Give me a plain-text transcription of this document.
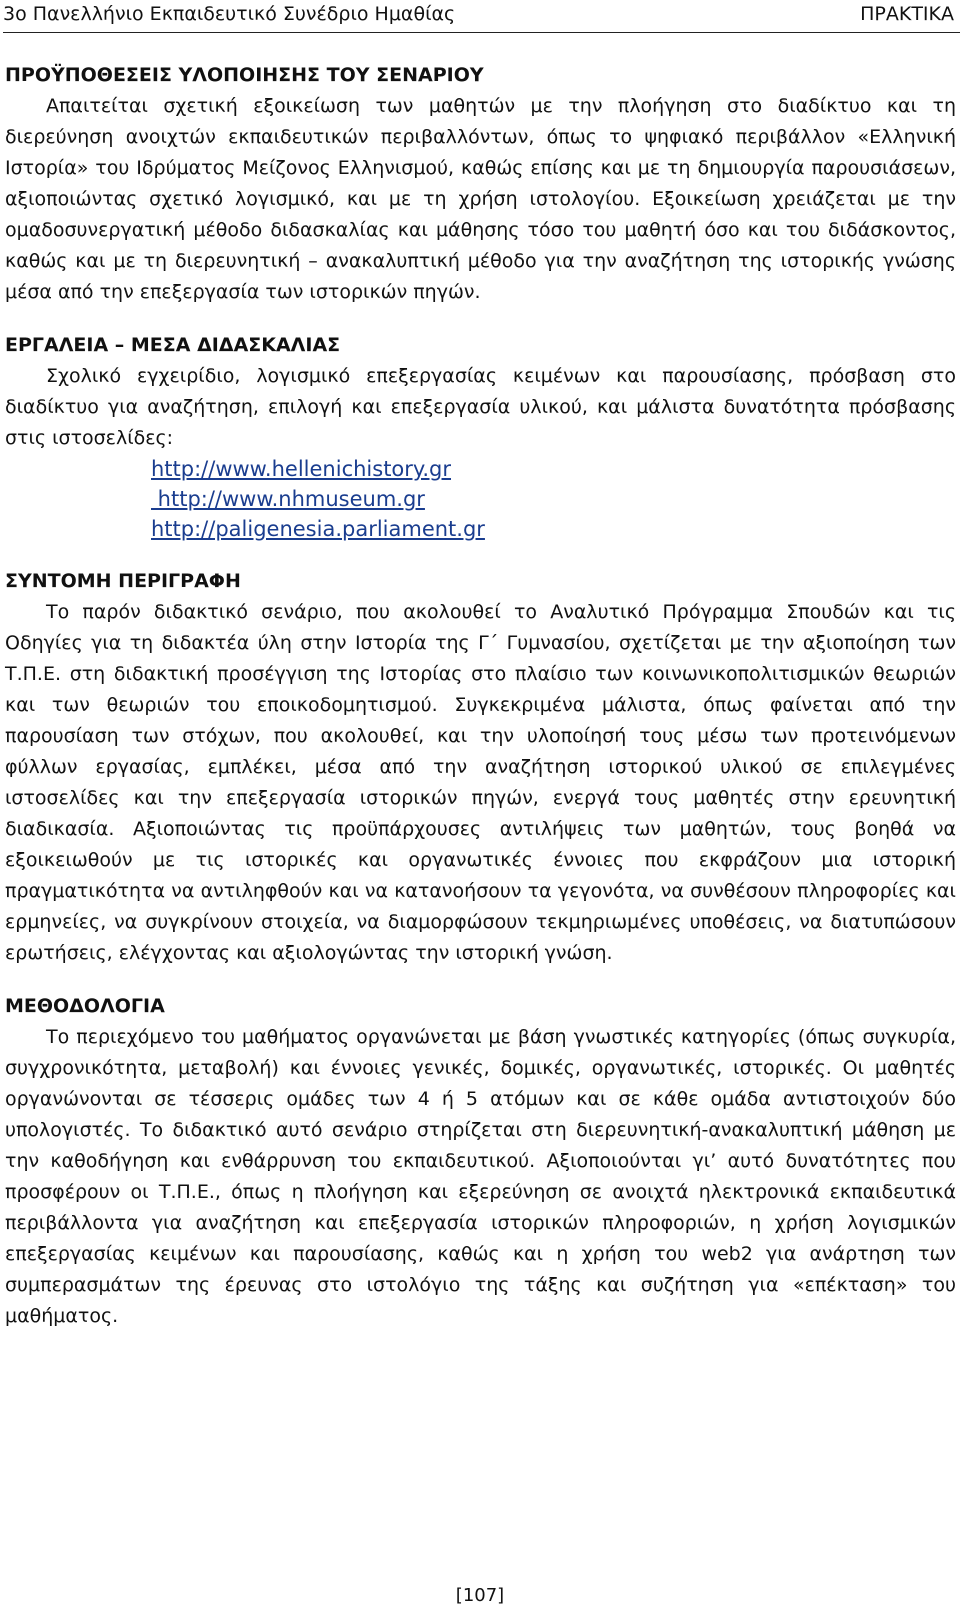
3ο Πανελλήνιο Εκπαιδευτικό Συνέδριο Ημαθίας	ΠΡΑΚΤΙΚΑ

ΠΡΟΫΠΟΘΕΣΕΙΣ ΥΛΟΠΟΙΗΣΗΣ ΤΟΥ ΣΕΝΑΡΙΟΥ

Απαιτείται σχετική εξοικείωση των μαθητών με την πλοήγηση στο διαδίκτυο και τη διερεύνηση ανοιχτών εκπαιδευτικών περιβαλλόντων, όπως το ψηφιακό περιβάλλον «Ελληνική Ιστορία» του Ιδρύματος Μείζονος Ελληνισμού, καθώς επίσης και με τη δημιουργία παρουσιάσεων, αξιοποιώντας σχετικό λογισμικό, και με τη χρήση ιστολογίου. Εξοικείωση χρειάζεται με την ομαδοσυνεργατική μέθοδο διδασκαλίας και μάθησης τόσο του μαθητή όσο και του διδάσκοντος, καθώς και με τη διερευνητική – ανακαλυπτική μέθοδο για την αναζήτηση της ιστορικής γνώσης μέσα από την επεξεργασία των ιστορικών πηγών.

ΕΡΓΑΛΕΙΑ – ΜΕΣΑ ΔΙΔΑΣΚΑΛΙΑΣ

Σχολικό εγχειρίδιο, λογισμικό επεξεργασίας κειμένων και παρουσίασης, πρόσβαση στο διαδίκτυο για αναζήτηση, επιλογή και επεξεργασία υλικού, και μάλιστα δυνατότητα πρόσβασης στις ιστοσελίδες:

http://www.hellenichistory.gr
http://www.nhmuseum.gr
http://paligenesia.parliament.gr

ΣΥΝΤΟΜΗ ΠΕΡΙΓΡΑΦΗ

Το παρόν διδακτικό σενάριο, που ακολουθεί το Αναλυτικό Πρόγραμμα Σπουδών και τις Οδηγίες για τη διδακτέα ύλη στην Ιστορία της Γ΄ Γυμνασίου, σχετίζεται με την αξιοποίηση των Τ.Π.Ε. στη διδακτική προσέγγιση της Ιστορίας στο πλαίσιο των κοινωνικοπολιτισμικών θεωριών και των θεωριών του εποικοδομητισμού. Συγκεκριμένα μάλιστα, όπως φαίνεται από την παρουσίαση των στόχων, που ακολουθεί, και την υλοποίησή τους μέσω των προτεινόμενων φύλλων εργασίας, εμπλέκει, μέσα από την αναζήτηση ιστορικού υλικού σε επιλεγμένες ιστοσελίδες και την επεξεργασία ιστορικών πηγών, ενεργά τους μαθητές στην ερευνητική διαδικασία. Αξιοποιώντας τις προϋπάρχουσες αντιλήψεις των μαθητών, τους βοηθά να εξοικειωθούν με τις ιστορικές και οργανωτικές έννοιες που εκφράζουν μια ιστορική πραγματικότητα να αντιληφθούν και να κατανοήσουν τα γεγονότα, να συνθέσουν πληροφορίες και ερμηνείες, να συγκρίνουν στοιχεία, να διαμορφώσουν τεκμηριωμένες υποθέσεις, να διατυπώσουν ερωτήσεις, ελέγχοντας και αξιολογώντας την ιστορική γνώση.

ΜΕΘΟΔΟΛΟΓΙΑ

Το περιεχόμενο του μαθήματος οργανώνεται με βάση γνωστικές κατηγορίες (όπως συγκυρία, συγχρονικότητα, μεταβολή) και έννοιες γενικές, δομικές, οργανωτικές, ιστορικές. Οι μαθητές οργανώνονται σε τέσσερις ομάδες των 4 ή 5 ατόμων και σε κάθε ομάδα αντιστοιχούν δύο υπολογιστές. Το διδακτικό αυτό σενάριο στηρίζεται στη διερευνητική-ανακαλυπτική μάθηση με την καθοδήγηση και ενθάρρυνση του εκπαιδευτικού. Αξιοποιούνται γι’ αυτό δυνατότητες που προσφέρουν οι Τ.Π.Ε., όπως η πλοήγηση και εξερεύνηση σε ανοιχτά ηλεκτρονικά εκπαιδευτικά περιβάλλοντα για αναζήτηση και επεξεργασία ιστορικών πληροφοριών, η χρήση λογισμικών επεξεργασίας κειμένων και παρουσίασης, καθώς και η χρήση του web2 για ανάρτηση των συμπερασμάτων της έρευνας στο ιστολόγιο της τάξης και συζήτηση για «επέκταση» του μαθήματος.

[107]
